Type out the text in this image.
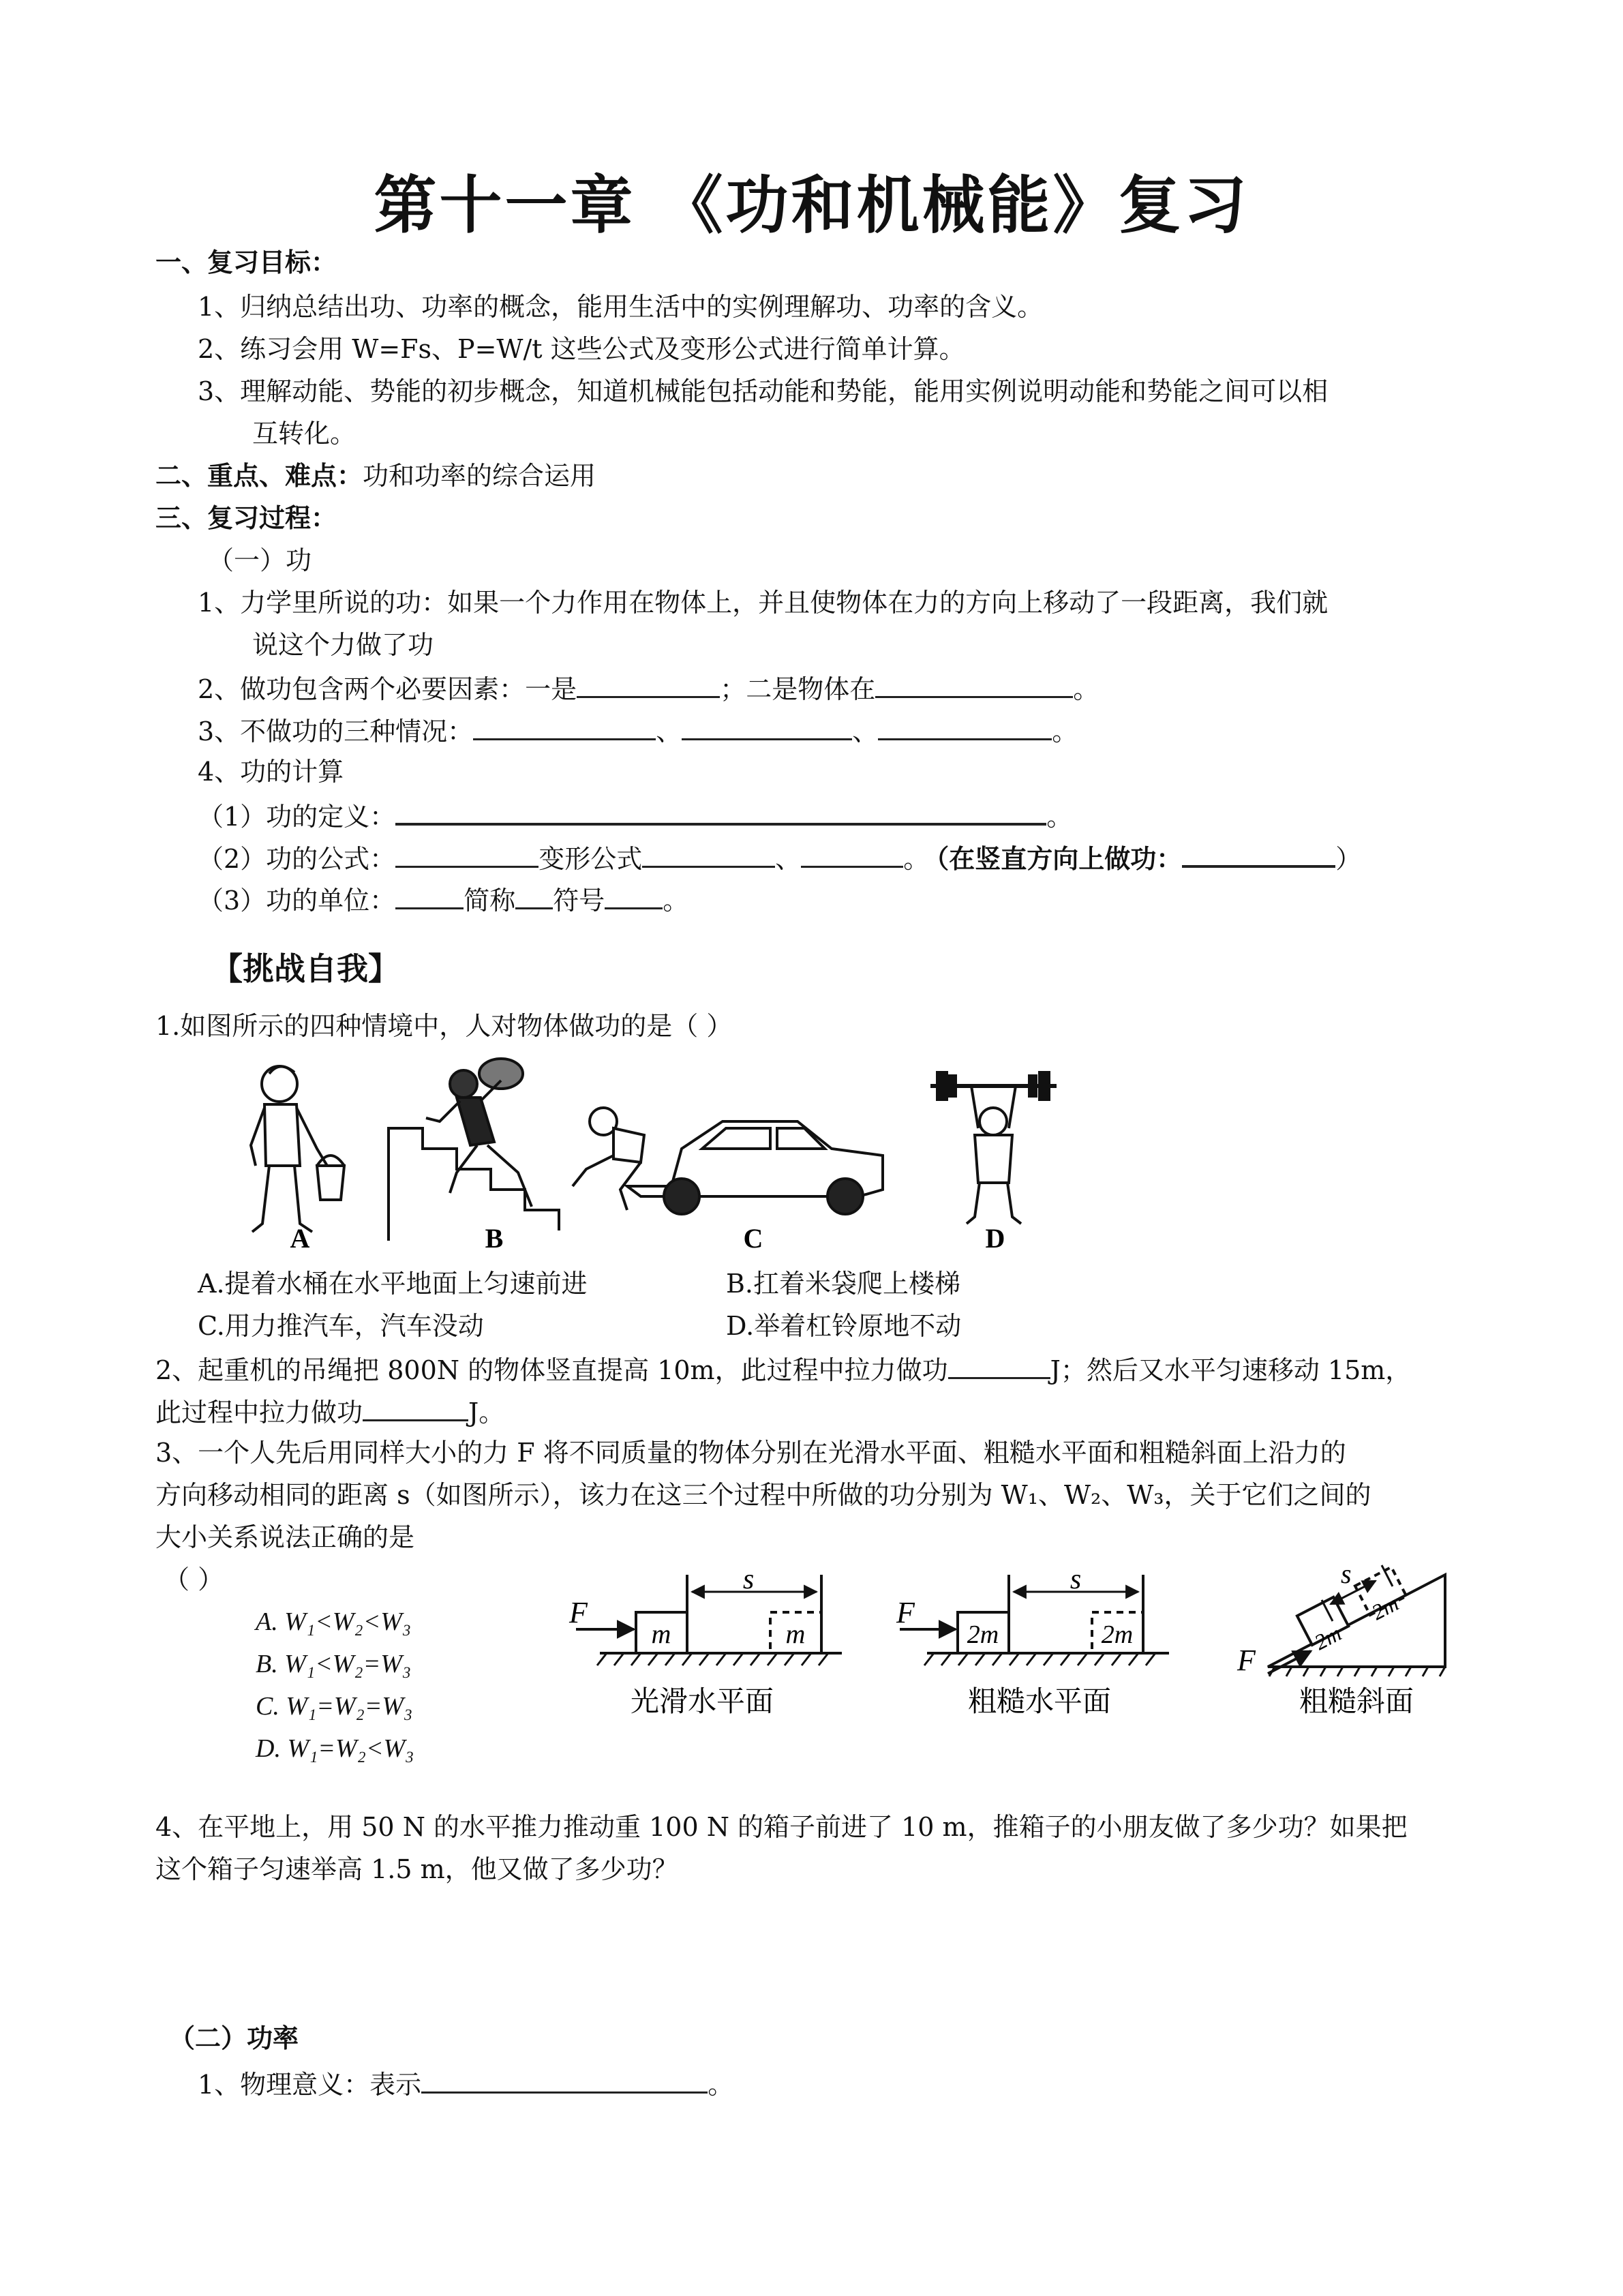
第十一章 《功和机械能》复习
一、复习目标：
1、归纳总结出功、功率的概念，能用生活中的实例理解功、功率的含义。
2、练习会用 W=Fs、P=W/t 这些公式及变形公式进行简单计算。
3、理解动能、势能的初步概念，知道机械能包括动能和势能，能用实例说明动能和势能之间可以相
互转化。
二、重点、难点：功和功率的综合运用
三、复习过程：
（一）功
1、力学里所说的功：如果一个力作用在物体上，并且使物体在力的方向上移动了一段距离，我们就
说这个力做了功
2、做功包含两个必要因素：一是	；二是物体在	。
3、不做功的三种情况：	、	、	。
4、功的计算
（1）功的定义：	。
（2）功的公式：	变形公式	、	。 （在竖直方向上做功：	）
（3）功的单位：	简称 符号 。
【挑战自我】
1.如图所示的四种情境中，人对物体做功的是（ ）
A	B	C	D
A.提着水桶在水平地面上匀速前进	B.扛着米袋爬上楼梯
C.用力推汽车，汽车没动	D.举着杠铃原地不动
2、起重机的吊绳把 800N 的物体竖直提高 10m，此过程中拉力做功	J；然后又水平匀速移动 15m，
此过程中拉力做功	J。
3、一个人先后用同样大小的力 F 将不同质量的物体分别在光滑水平面、粗糙水平面和粗糙斜面上沿力的
方向移动相同的距离 s（如图所示），该力在这三个过程中所做的功分别为 W₁、W₂、W₃，关于它们之间的
大小关系说法正确的是
（ ）
A. W₁<W₂<W₃
B. W₁<W₂=W₃
C. W₁=W₂=W₃
D. W₁=W₂<W₃
F
s
m	m
F
s
2m	2m
F
s
2m
2m
光滑水平面	粗糙水平面	粗糙斜面
4、在平地上，用 50 N 的水平推力推动重 100 N 的箱子前进了 10 m，推箱子的小朋友做了多少功？如果把
这个箱子匀速举高 1.5 m，他又做了多少功？
（二）功率
1、物理意义：表示	。
